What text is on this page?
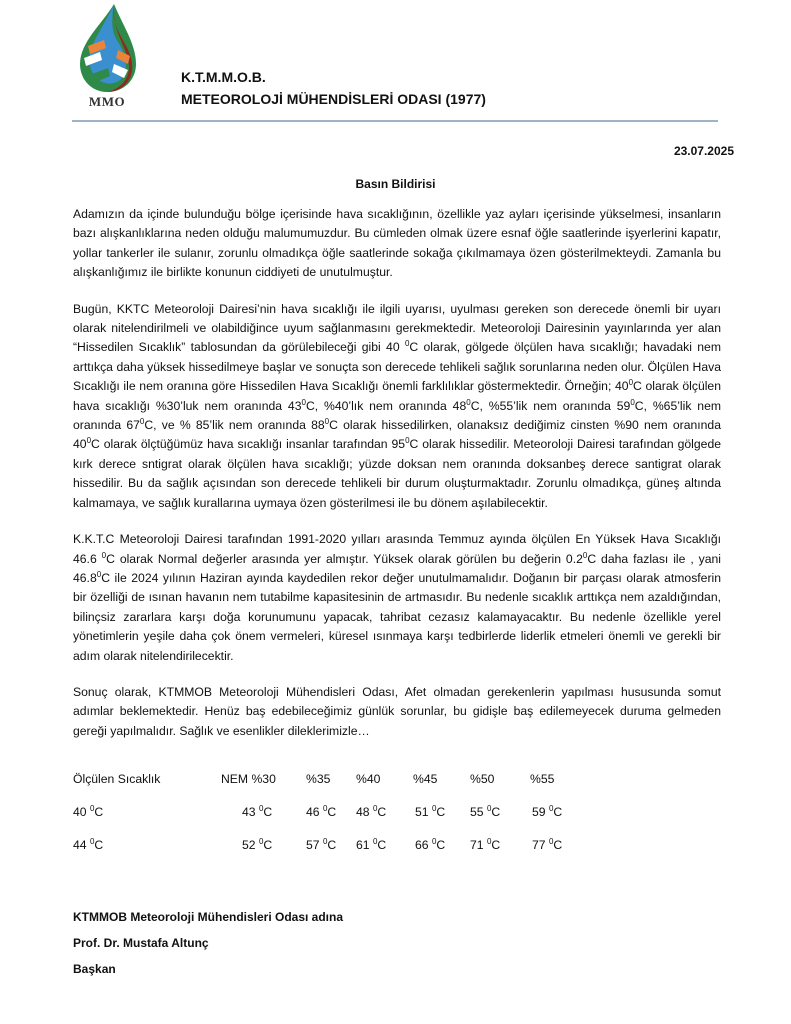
MMO
K.T.M.M.O.B.
METEOROLOJİ MÜHENDİSLERİ ODASI (1977)
23.07.2025
Basın Bildirisi

Adamızın da içinde bulunduğu bölge içerisinde hava sıcaklığının, özellikle yaz ayları içerisinde yükselmesi, insanların bazı alışkanlıklarına neden olduğu malumumuzdur. Bu cümleden olmak üzere esnaf öğle saatlerinde işyerlerini kapatır, yollar tankerler ile sulanır, zorunlu olmadıkça öğle saatlerinde sokağa çıkılmamaya özen gösterilmekteydi. Zamanla bu alışkanlığımız ile birlikte konunun ciddiyeti de unutulmuştur.

Bugün, KKTC Meteoroloji Dairesi’nin hava sıcaklığı ile ilgili uyarısı, uyulması gereken son derecede önemli bir uyarı olarak nitelendirilmeli ve olabildiğince uyum sağlanmasını gerekmektedir. Meteoroloji Dairesinin yayınlarında yer alan “Hissedilen Sıcaklık” tablosundan da görülebileceği gibi 40 $^0$C olarak, gölgede ölçülen hava sıcaklığı; havadaki nem arttıkça daha yüksek hissedilmeye başlar ve sonuçta son derecede tehlikeli sağlık sorunlarına neden olur. Ölçülen Hava Sıcaklığı ile nem oranına göre Hissedilen Hava Sıcaklığı önemli farklılıklar göstermektedir. Örneğin; $40^0C$ olarak ölçülen hava sıcaklığı %30’luk nem oranında $43^0C$, %40’lık nem oranında $48^0C$, %55’lik nem oranında $59^0C$, %65’lik nem oranında $67^0C$, ve % 85’lik nem oranında $88^0C$ olarak hissedilirken, olanaksız dediğimiz cinsten %90 nem oranında $40^0C$ olarak ölçtüğümüz hava sıcaklığı insanlar tarafından $95^0C$ olarak hissedilir. Meteoroloji Dairesi tarafından gölgede kırk derece sntigrat olarak ölçülen hava sıcaklığı; yüzde doksan nem oranında doksanbeş derece santigrat olarak hissedilir. Bu da sağlık açısından son derecede tehlikeli bir durum oluşturmaktadır. Zorunlu olmadıkça, güneş altında kalmamaya, ve sağlık kurallarına uymaya özen gösterilmesi ile bu dönem aşılabilecektir.

K.K.T.C Meteoroloji Dairesi tarafından 1991-2020 yılları arasında Temmuz ayında ölçülen En Yüksek Hava Sıcaklığı 46.6 $^0$C olarak Normal değerler arasında yer almıştır. Yüksek olarak görülen bu değerin $0.2^0C$ daha fazlası ile , yani 46.8$^0$C ile 2024 yılının Haziran ayında kaydedilen rekor değer unutulmamalıdır. Doğanın bir parçası olarak atmosferin bir özelliği de ısınan havanın nem tutabilme kapasitesinin de artmasıdır. Bu nedenle sıcaklık arttıkça nem azaldığından, bilinçsiz zararlara karşı doğa korunumunu yapacak, tahribat cezasız kalamayacaktır. Bu nedenle özellikle yerel yönetimlerin yeşile daha çok önem vermeleri, küresel ısınmaya karşı tedbirlerde liderlik etmeleri önemli ve gerekli bir adım olarak nitelendirilecektir.

Sonuç olarak, KTMMOB Meteoroloji Mühendisleri Odası, Afet olmadan gerekenlerin yapılması hususunda somut adımlar beklemektedir. Henüz baş edebileceğimiz günlük sorunlar, bu gidişle baş edilemeyecek duruma gelmeden gereği yapılmalıdır. Sağlık ve esenlikler dileklerimizle…

Ölçülen Sıcaklık	NEM %30	%35	%40	%45	%50	%55
40 $^0$C	43 $^0$C	46 $^0$C	48 $^0$C	51 $^0$C	55 $^0$C	59 $^0$C
44 $^0$C	52 $^0$C	57 $^0$C	61 $^0$C	66 $^0$C	71 $^0$C	77 $^0$C
KTMMOB Meteoroloji Mühendisleri Odası adına
Prof. Dr. Mustafa Altunç
Başkan
